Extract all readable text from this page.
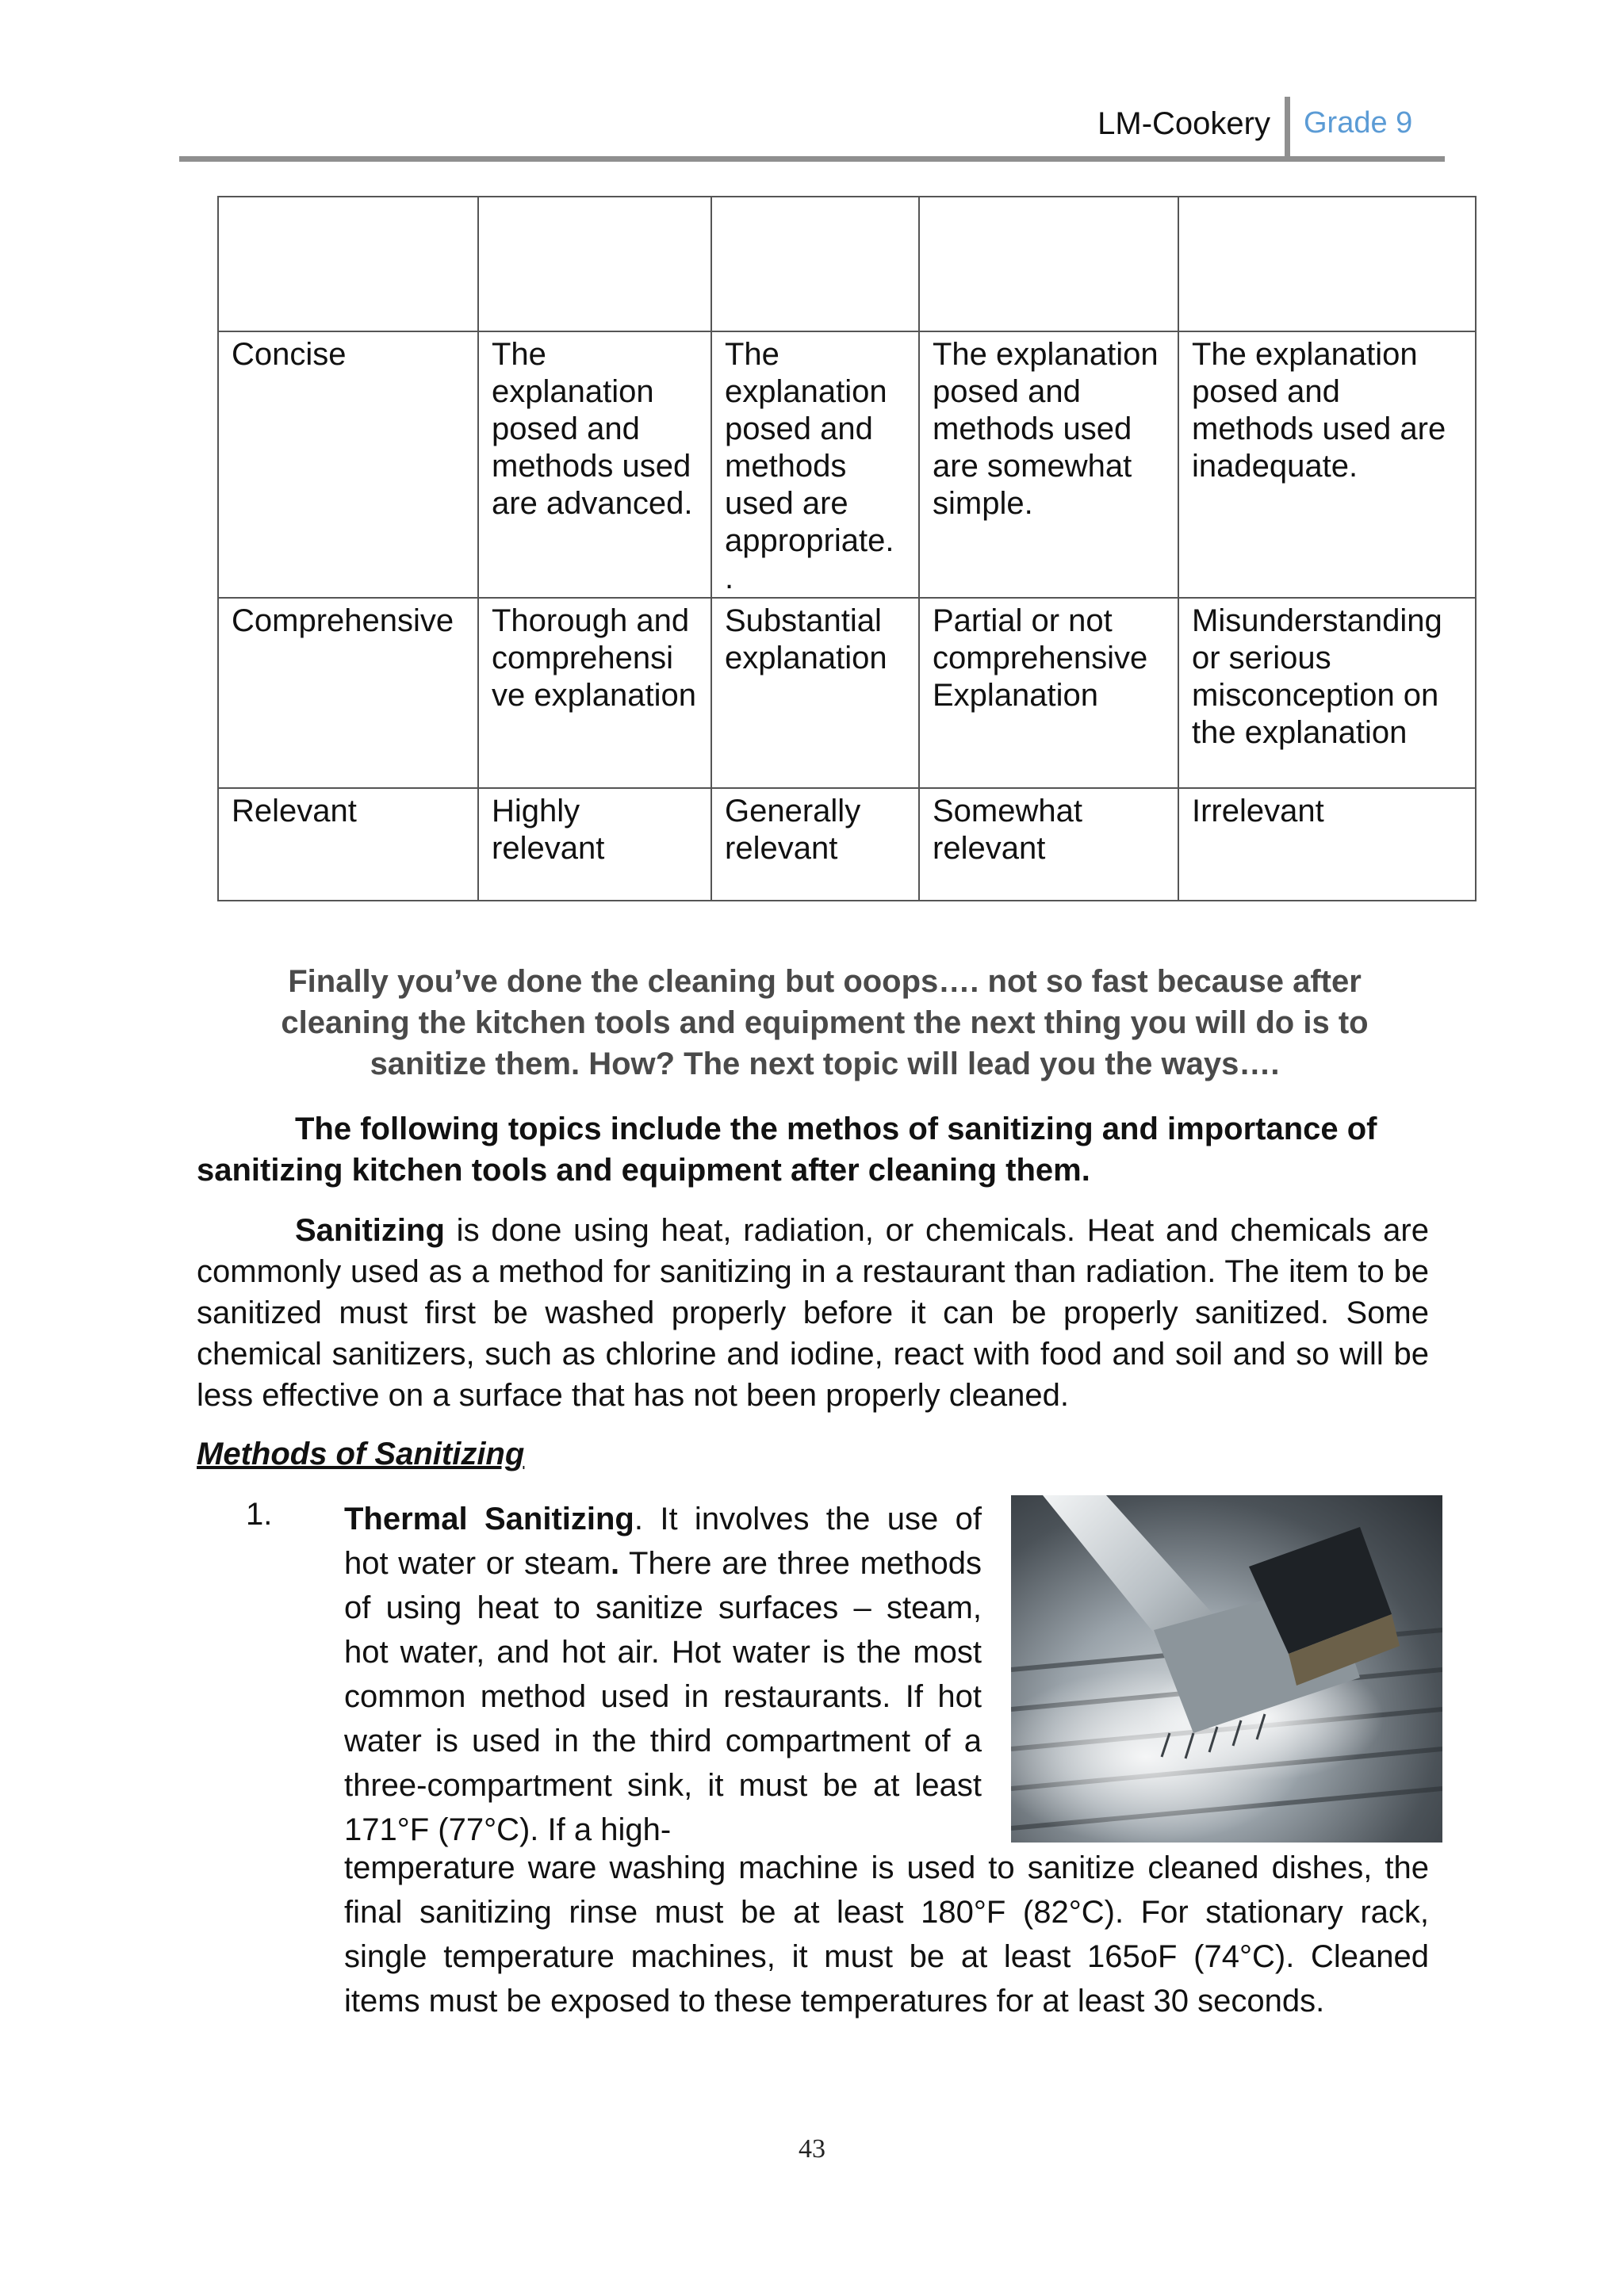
LM-Cookery Grade 9

Concise	The explanation posed and methods used are advanced.	The explanation posed and methods used are appropriate. .	The explanation posed and methods used are somewhat simple.	The explanation posed and methods used are inadequate.
Comprehensive	Thorough and comprehensi ve explanation	Substantial explanation	Partial or not comprehensive Explanation	Misunderstanding or serious misconception on the explanation
Relevant	Highly relevant	Generally relevant	Somewhat relevant	Irrelevant
Finally you’ve done the cleaning but ooops…. not so fast because after cleaning the kitchen tools and equipment the next thing you will do is to sanitize them. How? The next topic will lead you the ways….
The following topics include the methos of sanitizing and importance of sanitizing kitchen tools and equipment after cleaning them.
Sanitizing is done using heat, radiation, or chemicals. Heat and chemicals are commonly used as a method for sanitizing in a restaurant than radiation. The item to be sanitized must first be washed properly before it can be properly sanitized. Some chemical sanitizers, such as chlorine and iodine, react with food and soil and so will be less effective on a surface that has not been properly cleaned.
Methods of Sanitizing
1. Thermal Sanitizing. It involves the use of hot water or steam. There are three methods of using heat to sanitize surfaces – steam, hot water, and hot air. Hot water is the most common method used in restaurants. If hot water is used in the third compartment of a three-compartment sink, it must be at least 171°F (77°C). If a high-
temperature ware washing machine is used to sanitize cleaned dishes, the final sanitizing rinse must be at least 180°F (82°C). For stationary rack, single temperature machines, it must be at least 165oF (74°C). Cleaned items must be exposed to these temperatures for at least 30 seconds.
43
